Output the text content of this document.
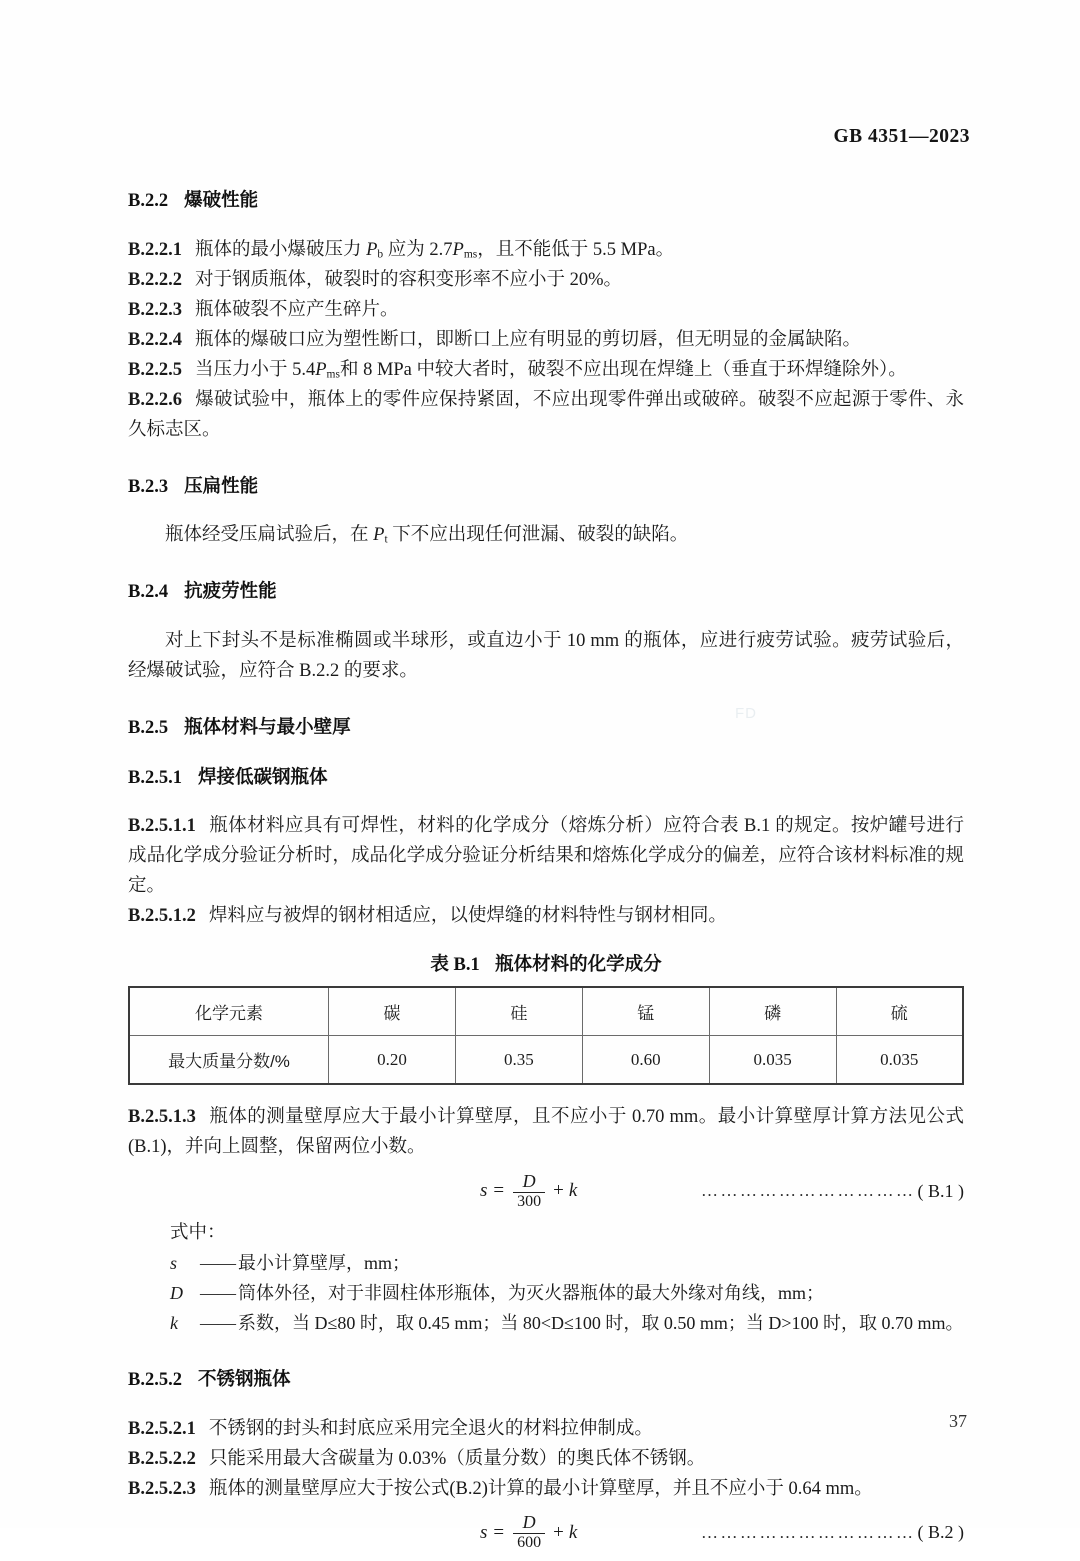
GB 4351—2023
FD
B.2.2 爆破性能

B.2.2.1 瓶体的最小爆破压力 $P_b$ 应为 $2.7P_{ms}$，且不能低于 5.5 MPa。

B.2.2.2 对于钢质瓶体，破裂时的容积变形率不应小于 20%。

B.2.2.3 瓶体破裂不应产生碎片。

B.2.2.4 瓶体的爆破口应为塑性断口，即断口上应有明显的剪切唇，但无明显的金属缺陷。

B.2.2.5 当压力小于 $5.4P_{ms}$和 8 MPa 中较大者时，破裂不应出现在焊缝上（垂直于环焊缝除外）。

B.2.2.6 爆破试验中，瓶体上的零件应保持紧固，不应出现零件弹出或破碎。破裂不应起源于零件、永久标志区。

B.2.3 压扁性能

瓶体经受压扁试验后，在 $P_t$ 下不应出现任何泄漏、破裂的缺陷。

B.2.4 抗疲劳性能

对上下封头不是标准椭圆或半球形，或直边小于 10 mm 的瓶体，应进行疲劳试验。疲劳试验后，经爆破试验，应符合 B.2.2 的要求。

B.2.5 瓶体材料与最小壁厚
B.2.5.1 焊接低碳钢瓶体

B.2.5.1.1 瓶体材料应具有可焊性，材料的化学成分（熔炼分析）应符合表 B.1 的规定。按炉罐号进行成品化学成分验证分析时，成品化学成分验证分析结果和熔炼化学成分的偏差，应符合该材料标准的规定。

B.2.5.1.2 焊料应与被焊的钢材相适应，以使焊缝的材料特性与钢材相同。

表 B.1 瓶体材料的化学成分

化学元素	碳	硅	锰	磷	硫
最大质量分数/%	0.20	0.35	0.60	0.035	0.035

B.2.5.1.3 瓶体的测量壁厚应大于最小计算壁厚，且不应小于 0.70 mm。最小计算壁厚计算方法见公式(B.1)，并向上圆整，保留两位小数。

$s = \frac{D}{300} + k$	…………………………… ( B.1 )

式中：

s	—— 最小计算壁厚，mm；
D —— 筒体外径，对于非圆柱体形瓶体，为灭火器瓶体的最大外缘对角线，mm；
k	—— 系数，当 D≤80 时，取 0.45 mm；当 80<D≤100 时，取 0.50 mm；当 D>100 时，取 0.70 mm。
B.2.5.2 不锈钢瓶体

B.2.5.2.1 不锈钢的封头和封底应采用完全退火的材料拉伸制成。

B.2.5.2.2 只能采用最大含碳量为 0.03%（质量分数）的奥氏体不锈钢。

B.2.5.2.3 瓶体的测量壁厚应大于按公式(B.2)计算的最小计算壁厚，并且不应小于 0.64 mm。

$s = \frac{D}{600} + k$	…………………………… ( B.2 )
37
